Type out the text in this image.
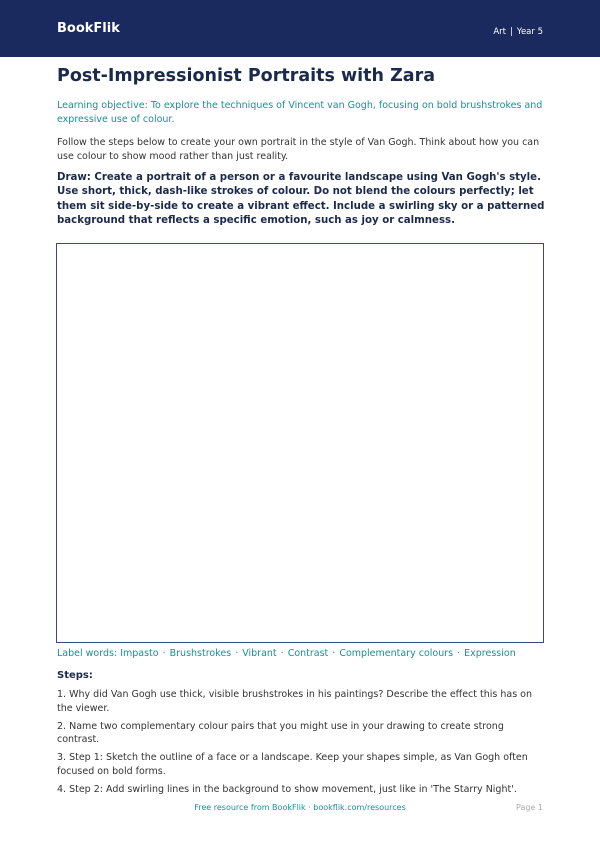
BookFlik	Art | Year 5
Post-Impressionist Portraits with Zara
Learning objective: To explore the techniques of Vincent van Gogh, focusing on bold brushstrokes and expressive use of colour.
Follow the steps below to create your own portrait in the style of Van Gogh. Think about how you can use colour to show mood rather than just reality.
Draw: Create a portrait of a person or a favourite landscape using Van Gogh's style. Use short, thick, dash-like strokes of colour. Do not blend the colours perfectly; let them sit side-by-side to create a vibrant effect. Include a swirling sky or a patterned background that reflects a specific emotion, such as joy or calmness.
Label words: Impasto · Brushstrokes · Vibrant · Contrast · Complementary colours · Expression
Steps:
1. Why did Van Gogh use thick, visible brushstrokes in his paintings? Describe the effect this has on the viewer.
2. Name two complementary colour pairs that you might use in your drawing to create strong contrast.
3. Step 1: Sketch the outline of a face or a landscape. Keep your shapes simple, as Van Gogh often focused on bold forms.
4. Step 2: Add swirling lines in the background to show movement, just like in 'The Starry Night'.
Free resource from BookFlik · bookflik.com/resources	Page 1
